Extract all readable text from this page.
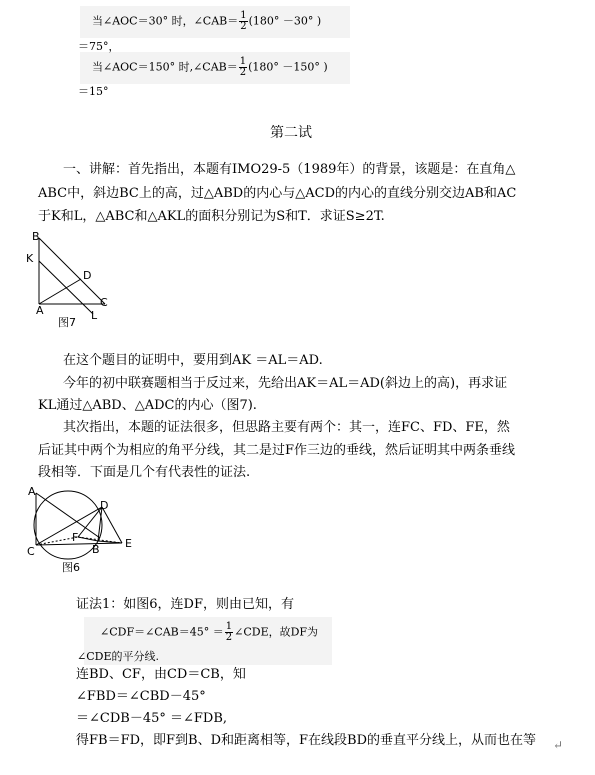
当∠AOC＝30° 时，∠CAB＝ $\frac{1}{2} (180^\circ -30^\circ$ )
＝75°，
当∠AOC＝150° 时,∠CAB＝ $\frac{1}{2} (180^\circ -150^\circ$ )
＝15°
第二试
一、讲解：首先指出，本题有IMO29-5（1989年）的背景，该题是：在直角△
ABC中，斜边BC上的高，过△ABD的内心与△ACD的内心的直线分别交边AB和AC
于K和L，△ABC和△AKL的面积分别记为S和T．求证S≥2T.
B
K
D
A
C
L
图7
在这个题目的证明中，要用到AK ＝AL＝AD.
今年的初中联赛题相当于反过来，先给出AK＝AL＝AD(斜边上的高)，再求证
KL通过△ABD、△ADC的内心（图7).
其次指出，本题的证法很多，但思路主要有两个：其一，连FC、FD、FE，然
后证其中两个为相应的角平分线，其二是过F作三边的垂线，然后证明其中两条垂线
段相等．下面是几个有代表性的证法.
A
D
C
F
B E
图6
证法1：如图6，连DF，则由已知，有
∠CDF＝∠CAB＝45° ＝ $\frac{1}{2}$ ∠CDE，故DF为
∠CDE的平分线.
连BD、CF，由CD＝CB，知
∠FBD＝∠CBD－45°
＝∠CDB－45° ＝∠FDB,
得FB＝FD，即F到B、D和距离相等，F在线段BD的垂直平分线上，从而也在等 ↵
